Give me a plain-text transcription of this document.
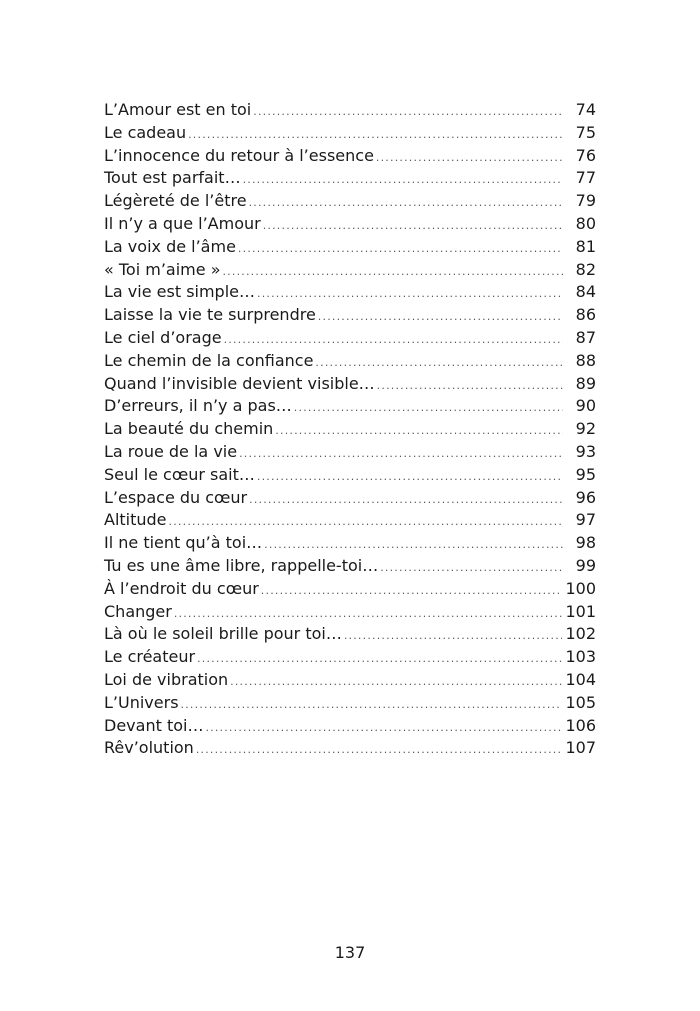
L’Amour est en toi .....	74
Le cadeau .....	75
L’innocence du retour à l’essence .....	76
Tout est parfait… .....	77
Légèreté de l’être .....	79
Il n’y a que l’Amour .....	80
La voix de l’âme .....	81
« Toi m’aime » .....	82
La vie est simple… .....	84
Laisse la vie te surprendre .....	86
Le ciel d’orage .....	87
Le chemin de la confiance .....	88
Quand l’invisible devient visible… .....	89
D’erreurs, il n’y a pas… .....	90
La beauté du chemin .....	92
La roue de la vie .....	93
Seul le cœur sait… .....	95
L’espace du cœur .....	96
Altitude .....	97
Il ne tient qu’à toi… .....	98
Tu es une âme libre, rappelle-toi… .....	99
À l’endroit du cœur .....	100
Changer .....	101
Là où le soleil brille pour toi… .....	102
Le créateur .....	103
Loi de vibration .....	104
L’Univers .....	105
Devant toi… .....	106
Rêv’olution .....	107
137
